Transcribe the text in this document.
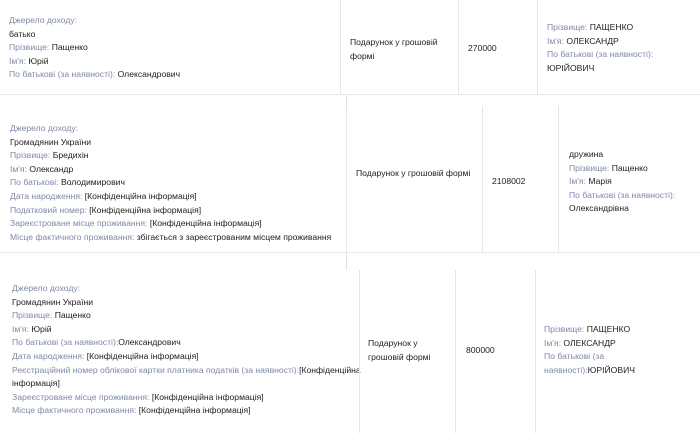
Джерело доходу:
батько
Прізвище: Пащенко
Ім'я: Юрій
По батькові (за наявності): Олександрович
Подарунок у грошовій формі
270000
Прізвище: ПАЩЕНКО
Ім'я: ОЛЕКСАНДР
По батькові (за наявності):
ЮРІЙОВИЧ
Джерело доходу:
Громадянин України
Прізвище: Бредихін
Ім'я: Олександр
По батькові: Володимирович
Дата народження: [Конфіденційна інформація]
Податковий номер: [Конфіденційна інформація]
Зареєстроване місце проживання: [Конфіденційна інформація]
Місце фактичного проживання: збігається з зареєстрованим місцем проживання
Подарунок у грошовій формі
2108002
дружина
Прізвище: Пащенко
Ім'я: Марія
По батькові (за наявності):
Олександрівна
Джерело доходу:
Громадянин України
Прізвище: Пащенко
Ім'я: Юрій
По батькові (за наявності):Олександрович
Дата народження: [Конфіденційна інформація]
Реєстраційний номер облікової картки платника податків (за наявності):[Конфіденційна
інформація]
Зареєстроване місце проживання: [Конфіденційна інформація]
Місце фактичного проживання: [Конфіденційна інформація]
Подарунок у грошовій формі
800000
Прізвище: ПАЩЕНКО
Ім'я: ОЛЕКСАНДР
По батькові (за
наявності):ЮРІЙОВИЧ
